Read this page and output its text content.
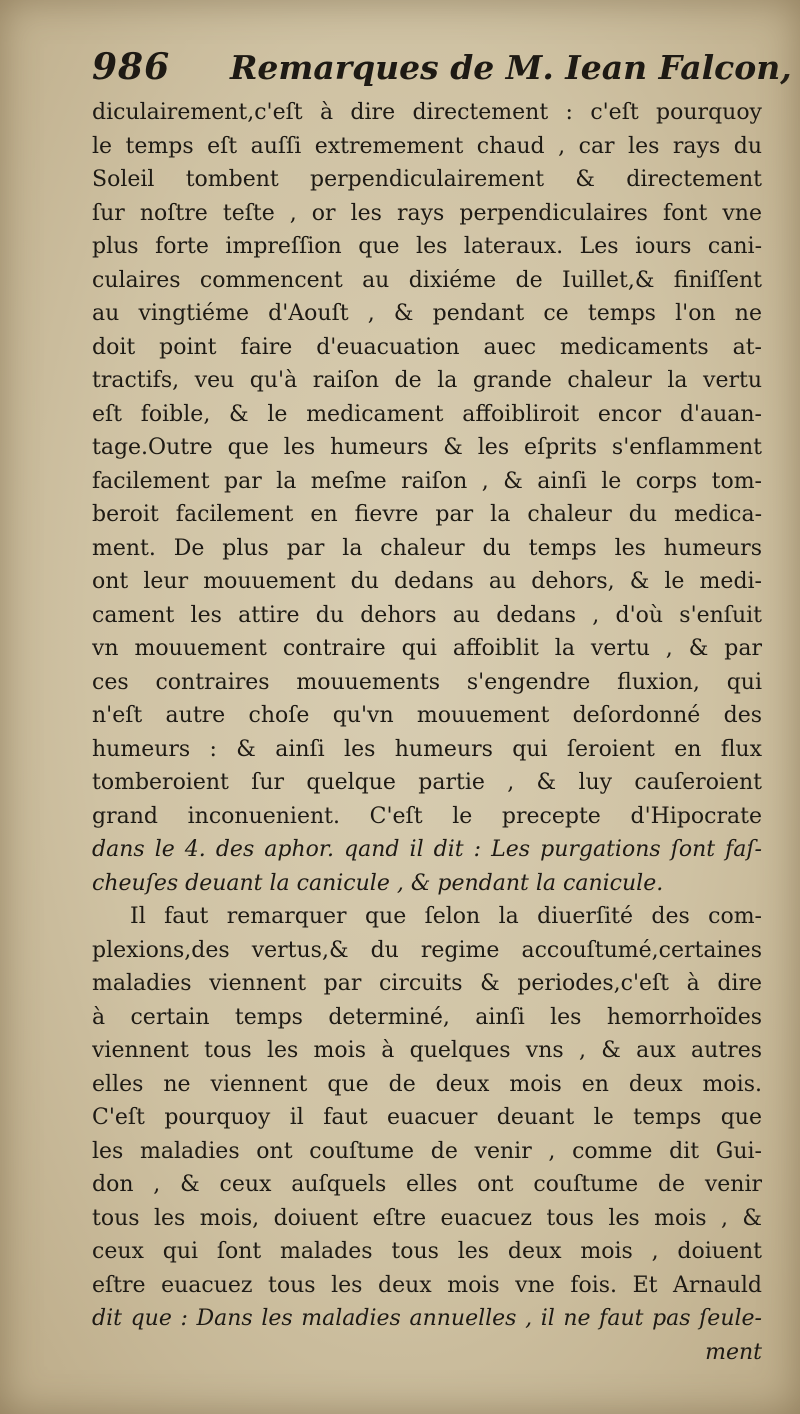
986 Remarques de M. Iean Falcon,
diculairement,c'eſt à dire directement : c'eſt pourquoy
le temps eſt auſſi extremement chaud , car les rays du
Soleil tombent perpendiculairement & directement
ſur noſtre teſte , or les rays perpendiculaires font vne
plus forte impreſſion que les lateraux. Les iours cani-
culaires commencent au dixiéme de Iuillet,& finiſſent
au vingtiéme d'Aouſt , & pendant ce temps l'on ne
doit point faire d'euacuation auec medicaments at-
tractifs, veu qu'à raiſon de la grande chaleur la vertu
eſt foible, & le medicament affoibliroit encor d'auan-
tage.Outre que les humeurs & les eſprits s'enflamment
facilement par la meſme raiſon , & ainſi le corps tom-
beroit facilement en fievre par la chaleur du medica-
ment. De plus par la chaleur du temps les humeurs
ont leur mouuement du dedans au dehors, & le medi-
cament les attire du dehors au dedans , d'où s'enſuit
vn mouuement contraire qui affoiblit la vertu , & par
ces contraires mouuements s'engendre fluxion, qui
n'eſt autre choſe qu'vn mouuement deſordonné des
humeurs : & ainſi les humeurs qui ſeroient en flux
tomberoient ſur quelque partie , & luy cauſeroient
grand inconuenient. C'eſt le precepte d'Hipocrate
dans le 4. des aphor. qand il dit : Les purgations ſont faſ-
cheuſes deuant la canicule , & pendant la canicule.
Il faut remarquer que ſelon la diuerſité des com-
plexions,des vertus,& du regime accouſtumé,certaines
maladies viennent par circuits & periodes,c'eſt à dire
à certain temps determiné, ainſi les hemorrhoïdes
viennent tous les mois à quelques vns , & aux autres
elles ne viennent que de deux mois en deux mois.
C'eſt pourquoy il faut euacuer deuant le temps que
les maladies ont couſtume de venir , comme dit Gui-
don , & ceux auſquels elles ont couſtume de venir
tous les mois, doiuent eſtre euacuez tous les mois , &
ceux qui ſont malades tous les deux mois , doiuent
eſtre euacuez tous les deux mois vne fois. Et Arnauld
dit que : Dans les maladies annuelles , il ne faut pas ſeule-
ment
